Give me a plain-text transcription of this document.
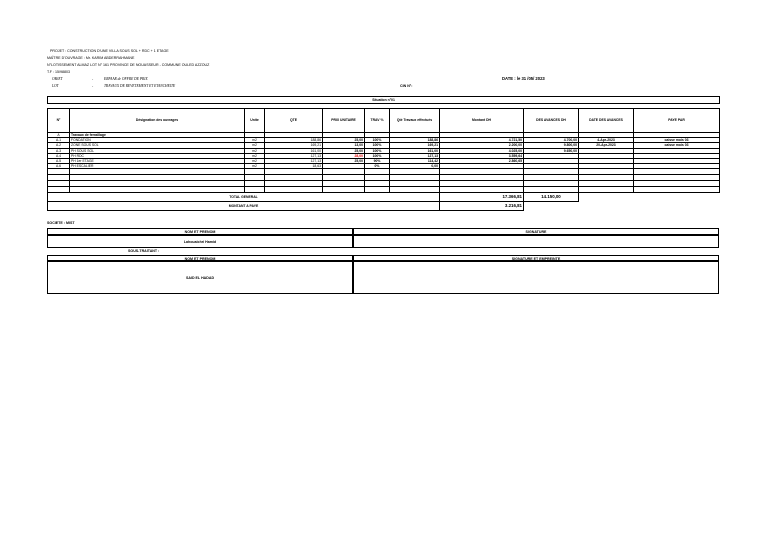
PROJET : CONSTRUCTION D'UNE VILLA SOUS SOL + RDC + 1 ETAGE
MAÎTRE D'OUVRAGE : Mr. KARIM ABDERRAHMANE
N°LOTISSEMENT ALMAZ LOT N° 161 PROVINCE DE NOUASSEUR - COMMUNE OULED AZZOUZ
T.F : 15/98803
OBJET	-	ERFAAR de OFFRE DE PRIX
LOT	-	TRAVAUX DE REVETEMENT ET ETANCHEITE	CIN N°:
DATE : le 31 /05/ 2023
Situation n°01										

N°	Désignation des ouvrages	Unite	QTE	PRIX UNITAIRE	TRAV %	Qté Travaux effectués	Montant DH	DES AVANCES DH	DATE DES AVANCES	PAYE PAR
A	Travaux de ferraillage									
A.1	FONDATION	m2	188,86	25,00	100%	188,86	4.721,50	4.700,00	4-Apr-2023	caisse mois 03
A.2	ZONE SOUS SOL	m2	169,21	13,00	100%	169,21	2.200,00	9.800,00	20-Apr-2023	caisse mois 03
A.3	PH SOUS SOL	m2	161,00	25,00	100%	161,00	4.025,00	9.650,00		
A.4	PH RDC	m2	127,13	28,00	100%	127,13	3.559,64			
A.5	PH 1er ETAGE	m2	127,13	25,00	90%	114,42	2.860,65			
A.6	PH ESCALIER	m2	18,63		0%	0,00				

TOTAL GENERAL							17.366,81	14.150,00		
MONTANT A PAYE							3.216,81			
SOCIETE : MIST
NOM ET PRENOM	SIGNATURE
Lahouaichri Hamid
SOUS-TRAITANT :
NOM ET PRENOM	SIGNATURE ET EMPREINTE
SAID EL HADAD
